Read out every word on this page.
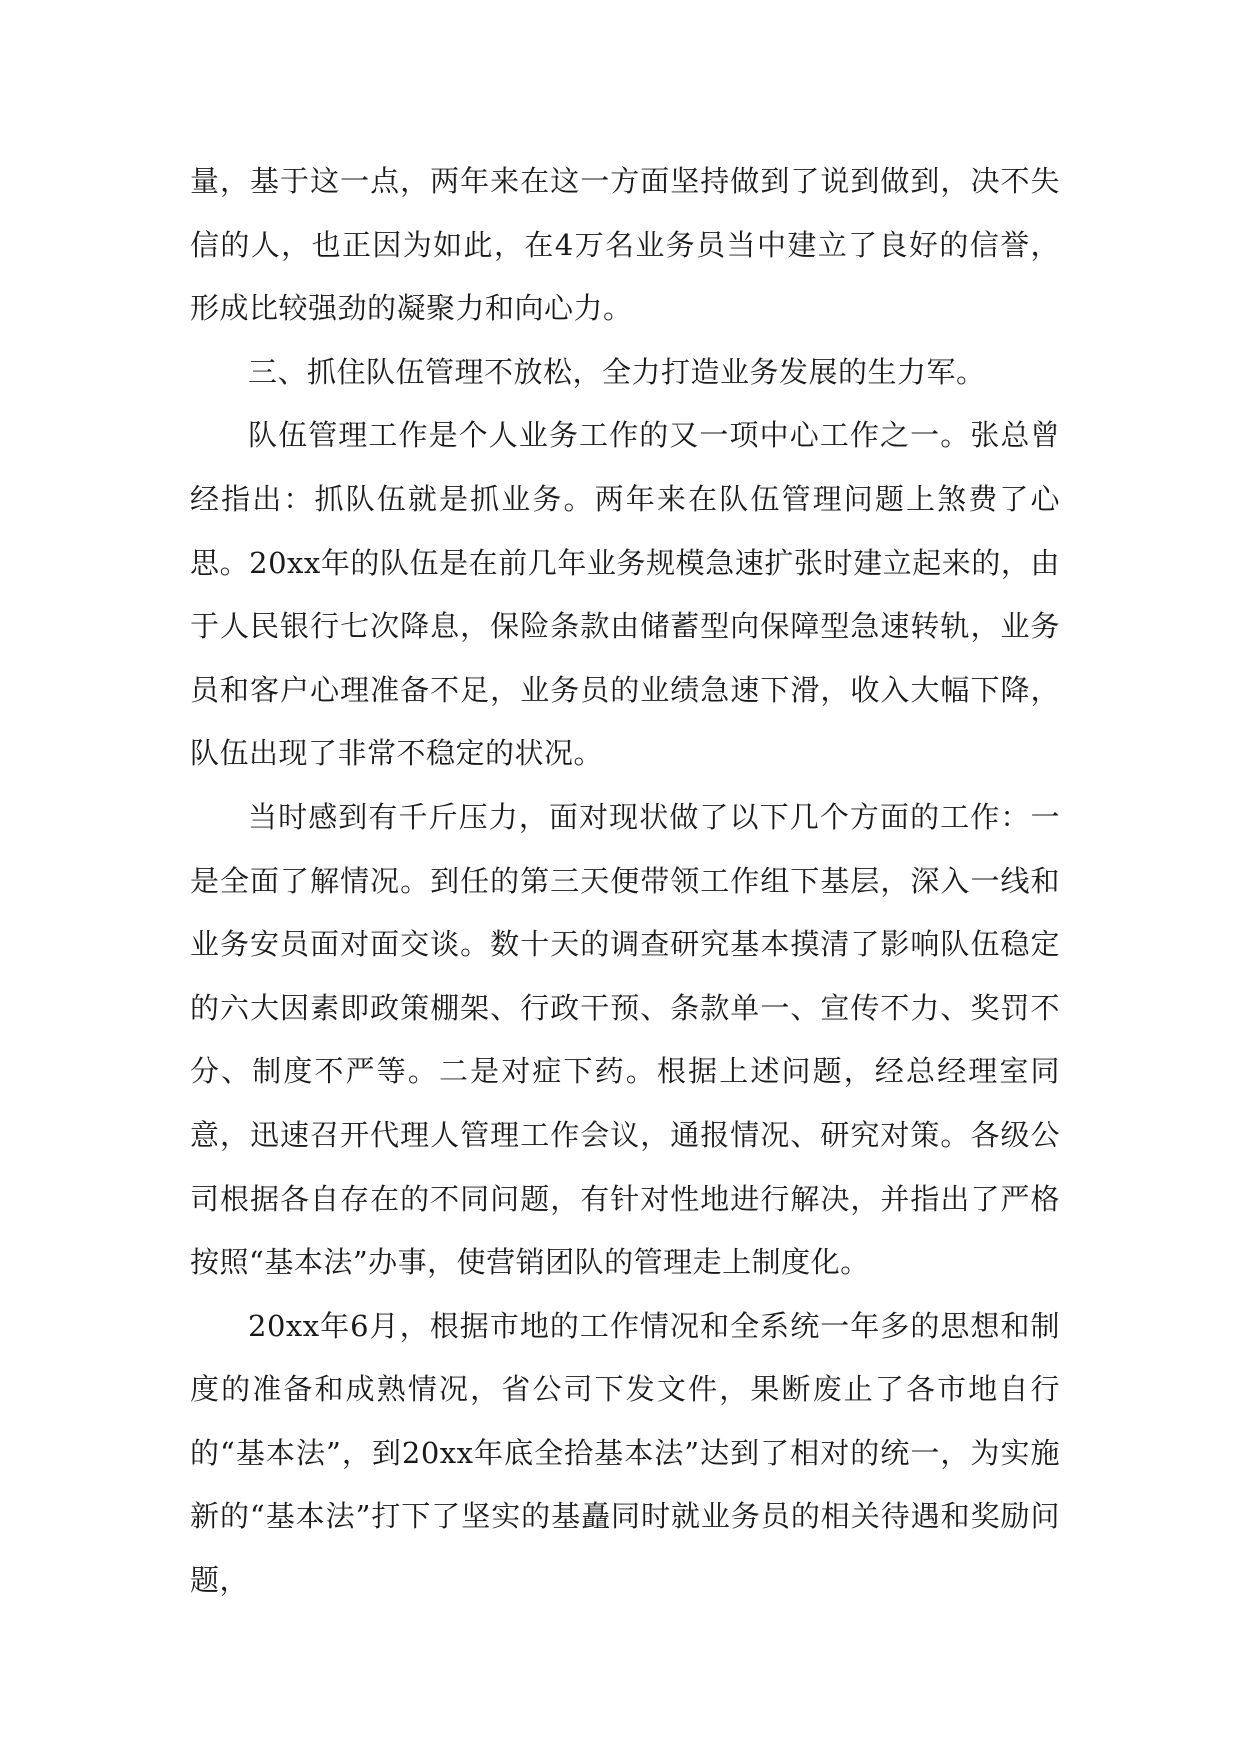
量，基于这一点，两年来在这一方面坚持做到了说到做到，决不失信的人，也正因为如此，在4万名业务员当中建立了良好的信誉，形成比较强劲的凝聚力和向心力。

三、抓住队伍管理不放松，全力打造业务发展的生力军。

队伍管理工作是个人业务工作的又一项中心工作之一。张总曾经指出：抓队伍就是抓业务。两年来在队伍管理问题上煞费了心思。20xx年的队伍是在前几年业务规模急速扩张时建立起来的，由于人民银行七次降息，保险条款由储蓄型向保障型急速转轨，业务员和客户心理准备不足，业务员的业绩急速下滑，收入大幅下降，队伍出现了非常不稳定的状况。

当时感到有千斤压力，面对现状做了以下几个方面的工作：一是全面了解情况。到任的第三天便带领工作组下基层，深入一线和业务安员面对面交谈。数十天的调查研究基本摸清了影响队伍稳定的六大因素即政策棚架、行政干预、条款单一、宣传不力、奖罚不分、制度不严等。二是对症下药。根据上述问题，经总经理室同意，迅速召开代理人管理工作会议，通报情况、研究对策。各级公司根据各自存在的不同问题，有针对性地进行解决，并指出了严格按照“基本法”办事，使营销团队的管理走上制度化。

20xx年6月，根据市地的工作情况和全系统一年多的思想和制度的准备和成熟情况，省公司下发文件，果断废止了各市地自行的“基本法”，到20xx年底全拾基本法”达到了相对的统一，为实施新的“基本法”打下了坚实的基矗同时就业务员的相关待遇和奖励问题，
